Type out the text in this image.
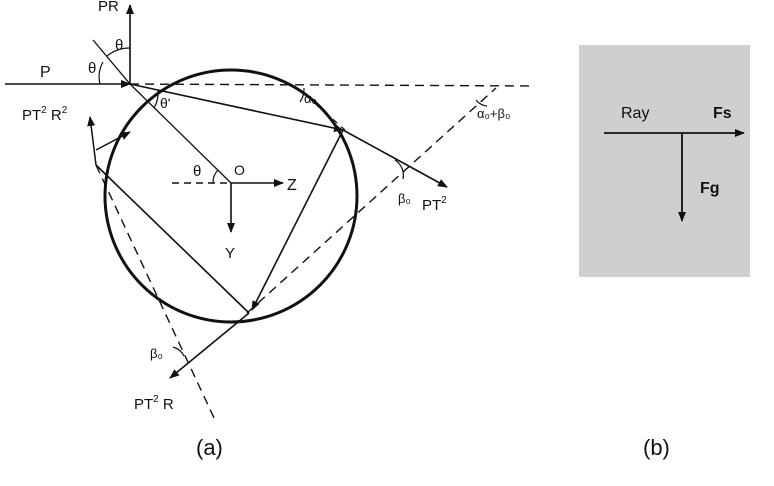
PR
P
θ
θ
θ'	α₀
α₀+β₀
$PT^2$ $R^2$
θ O
Z
Y
β₀ $PT^2$
β₀
$PT^2$ R
(a)
Ray	Fs
Fg
(b)
